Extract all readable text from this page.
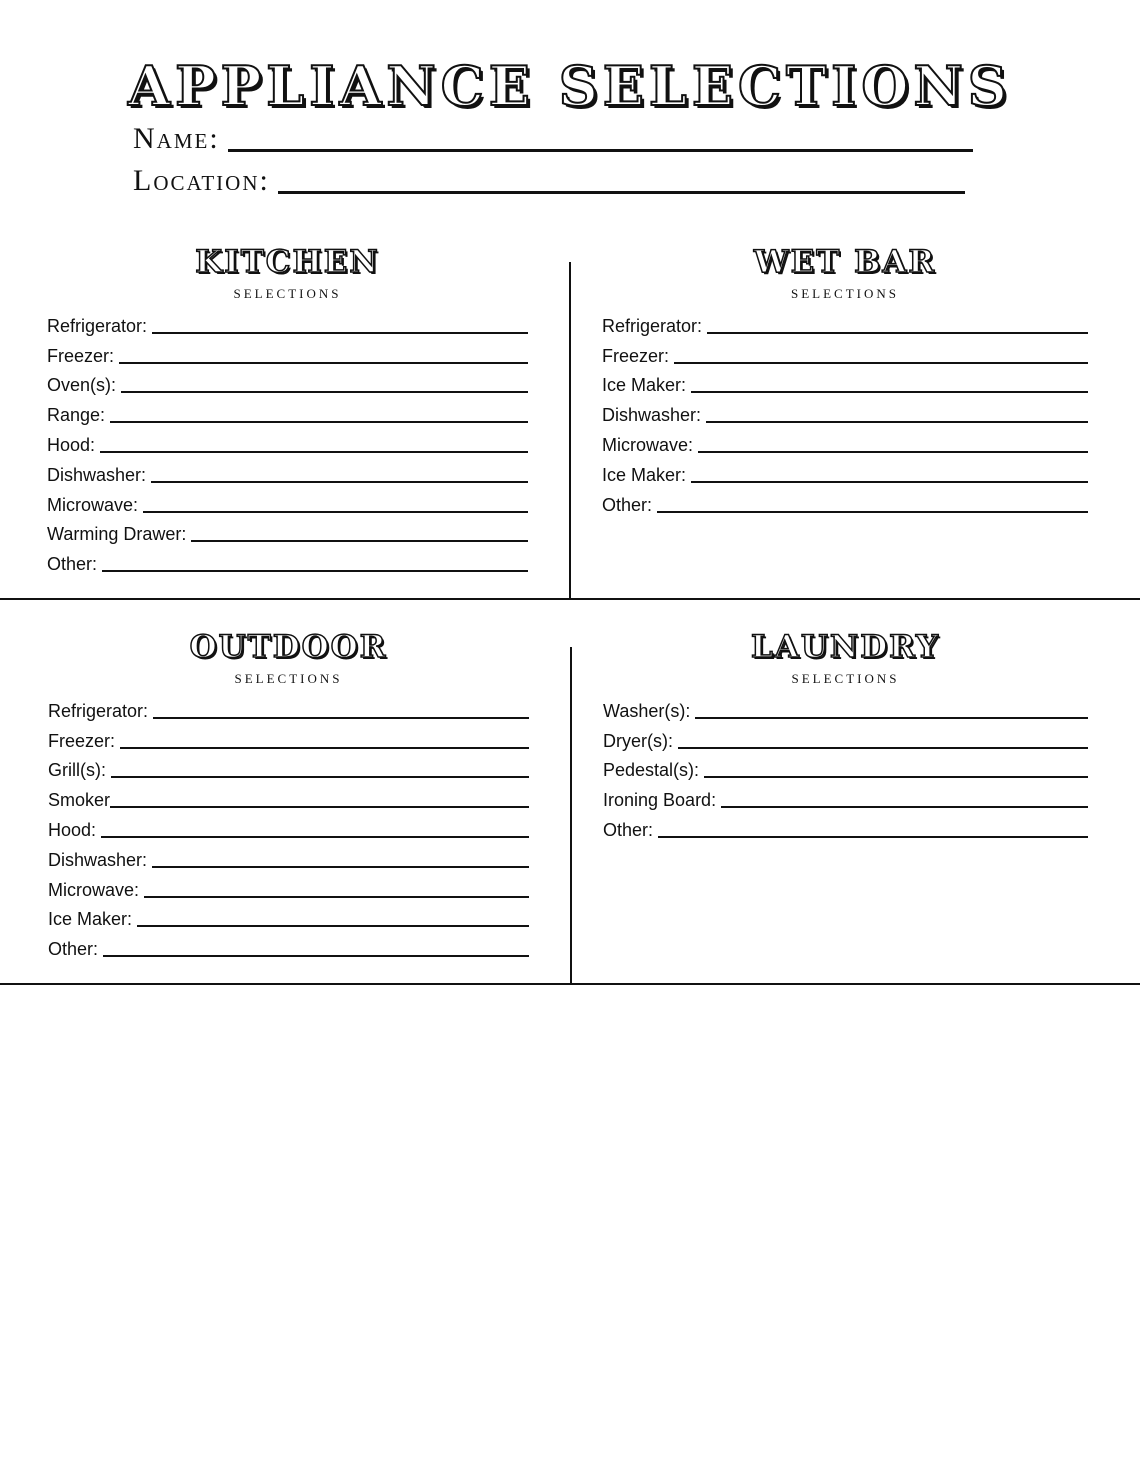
APPLIANCE SELECTIONS
Name:
Location:
KITCHEN
SELECTIONS
Refrigerator:
Freezer:
Oven(s):
Range:
Hood:
Dishwasher:
Microwave:
Warming Drawer:
Other:
WET BAR
SELECTIONS
Refrigerator:
Freezer:
Ice Maker:
Dishwasher:
Microwave:
Ice Maker:
Other:
OUTDOOR
SELECTIONS
Refrigerator:
Freezer:
Grill(s):
Smoker
Hood:
Dishwasher:
Microwave:
Ice Maker:
Other:
LAUNDRY
SELECTIONS
Washer(s):
Dryer(s):
Pedestal(s):
Ironing Board:
Other:
